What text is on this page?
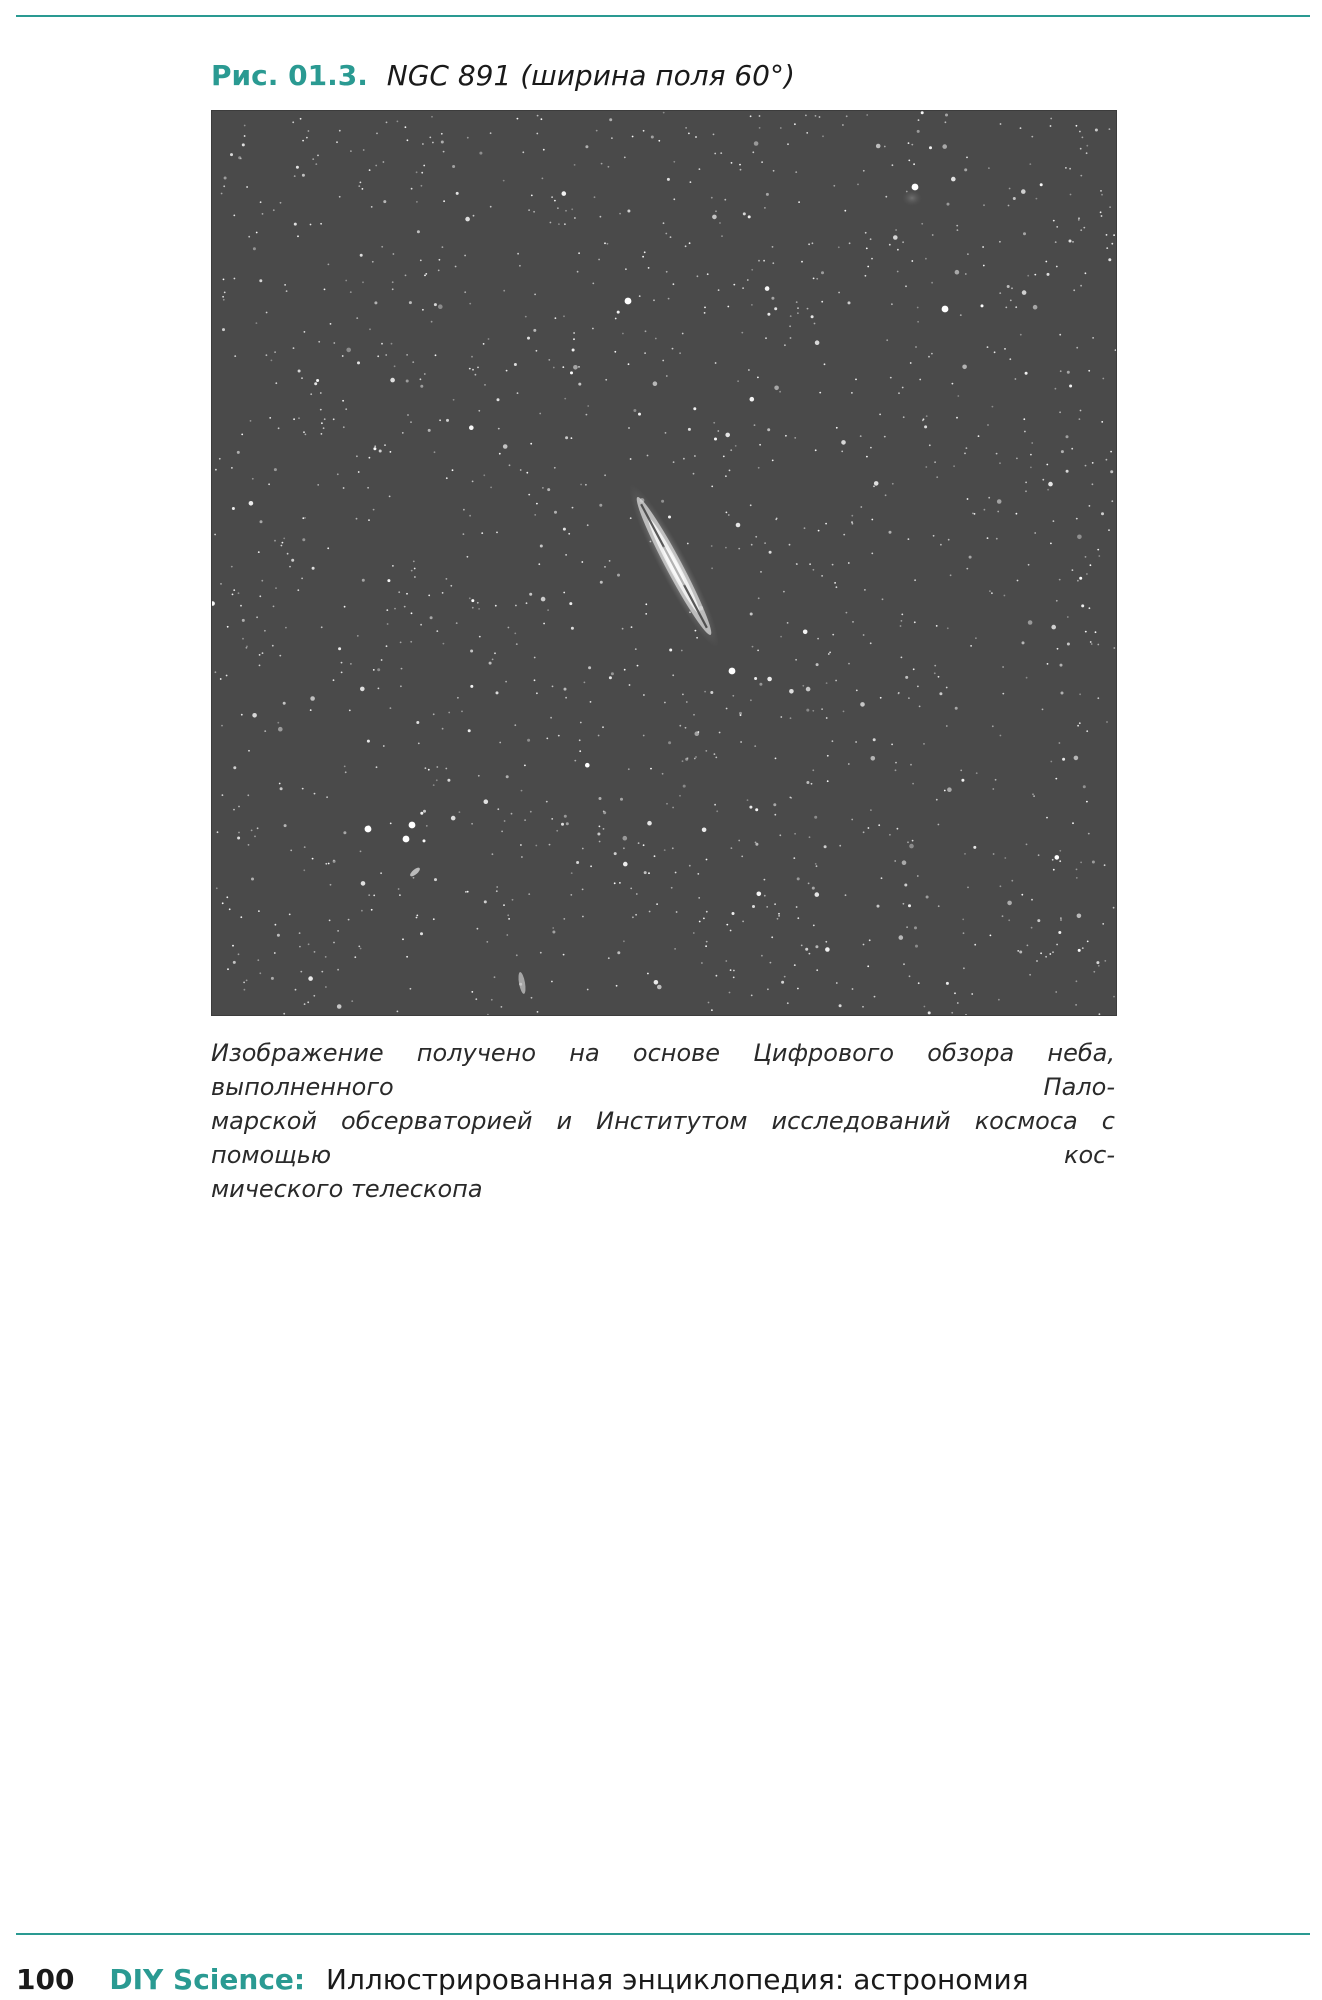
Рис. 01.3. NGC 891 (ширина поля 60°)

Изображение получено на основе Цифрового обзора неба, выполненного Пало-
марской обсерваторией и Институтом исследований космоса с помощью кос-
мического телескопа

100 DIY Science: Иллюстрированная энциклопедия: астрономия
